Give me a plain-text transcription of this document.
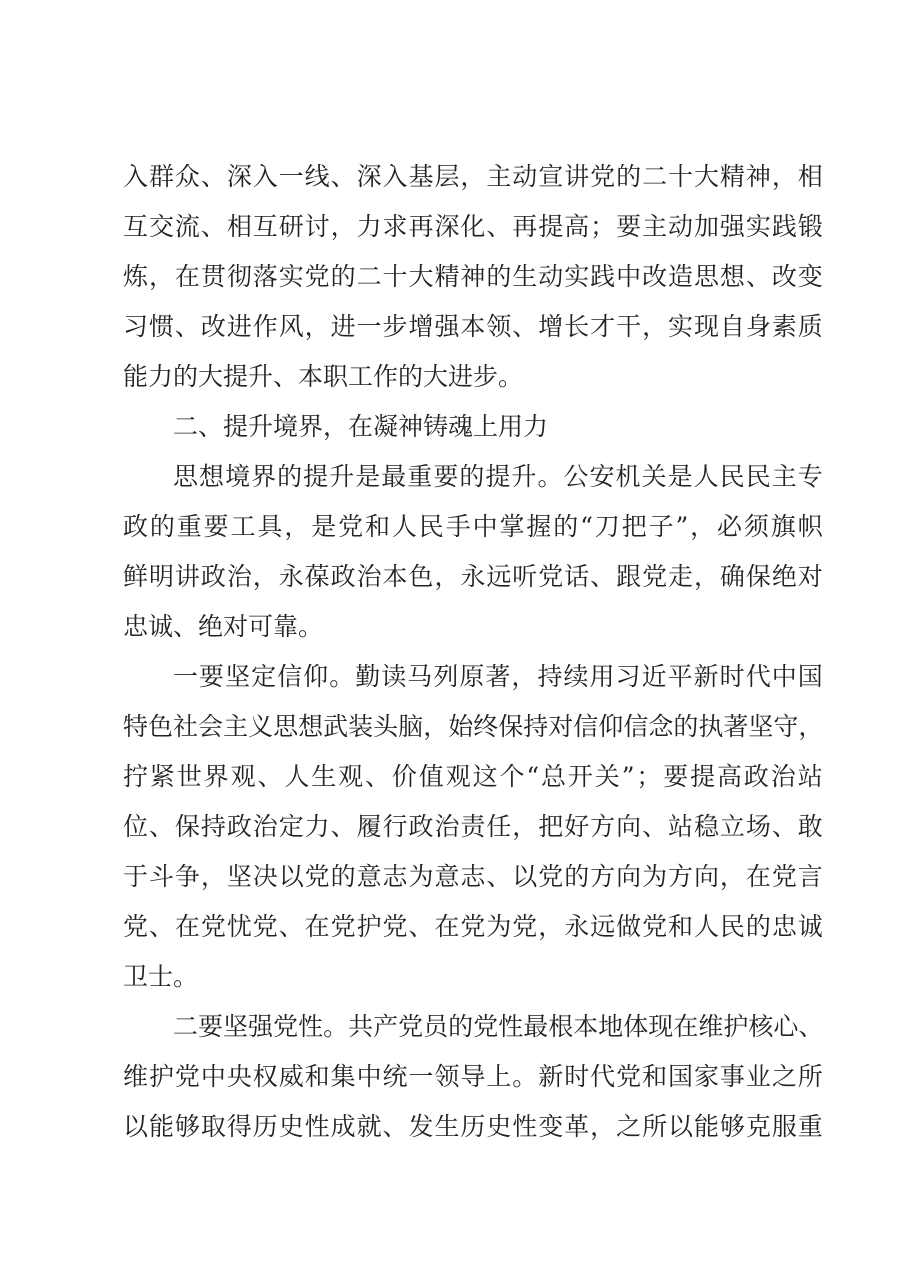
入 群 众 、 深 入 一 线 、 深 入 基 层 ， 主 动 宣 讲 党 的 二 十 大 精 神 ， 相
互 交 流 、 相 互 研 讨 ， 力 求 再 深 化 、 再 提 高 ； 要 主 动 加 强 实 践 锻
炼 ， 在 贯 彻 落 实 党 的 二 十 大 精 神 的 生 动 实 践 中 改 造 思 想 、 改 变
习 惯 、 改 进 作 风 ， 进 一 步 增 强 本 领 、 增 长 才 干 ， 实 现 自 身 素 质
能力的大提升、本职工作的大进步。
二、提升境界，在凝神铸魂上用力
思 想 境 界 的 提 升 是 最 重 要 的 提 升 。 公 安 机 关 是 人 民 民 主 专
政 的 重 要 工 具 ， 是 党 和 人 民 手 中 掌 握 的 “ 刀 把 子 ” ， 必 须 旗 帜
鲜 明 讲 政 治 ， 永 葆 政 治 本 色 ， 永 远 听 党 话 、 跟 党 走 ， 确 保 绝 对
忠诚、绝对可靠。
一 要 坚 定 信 仰 。 勤 读 马 列 原 著 ， 持 续 用 习 近 平 新 时 代 中 国
特 色 社 会 主 义 思 想 武 装 头 脑 ， 始 终 保 持 对 信 仰 信 念 的 执 著 坚 守 ，
拧 紧 世 界 观 、 人 生 观 、 价 值 观 这 个 “ 总 开 关 ” ； 要 提 高 政 治 站
位 、 保 持 政 治 定 力 、 履 行 政 治 责 任 ， 把 好 方 向 、 站 稳 立 场 、 敢
于 斗 争 ， 坚 决 以 党 的 意 志 为 意 志 、 以 党 的 方 向 为 方 向 ， 在 党 言
党 、 在 党 忧 党 、 在 党 护 党 、 在 党 为 党 ， 永 远 做 党 和 人 民 的 忠 诚
卫士。
二 要 坚 强 党 性 。 共 产 党 员 的 党 性 最 根 本 地 体 现 在 维 护 核 心 、
维 护 党 中 央 权 威 和 集 中 统 一 领 导 上 。 新 时 代 党 和 国 家 事 业 之 所
以 能 够 取 得 历 史 性 成 就 、 发 生 历 史 性 变 革 ， 之 所 以 能 够 克 服 重
